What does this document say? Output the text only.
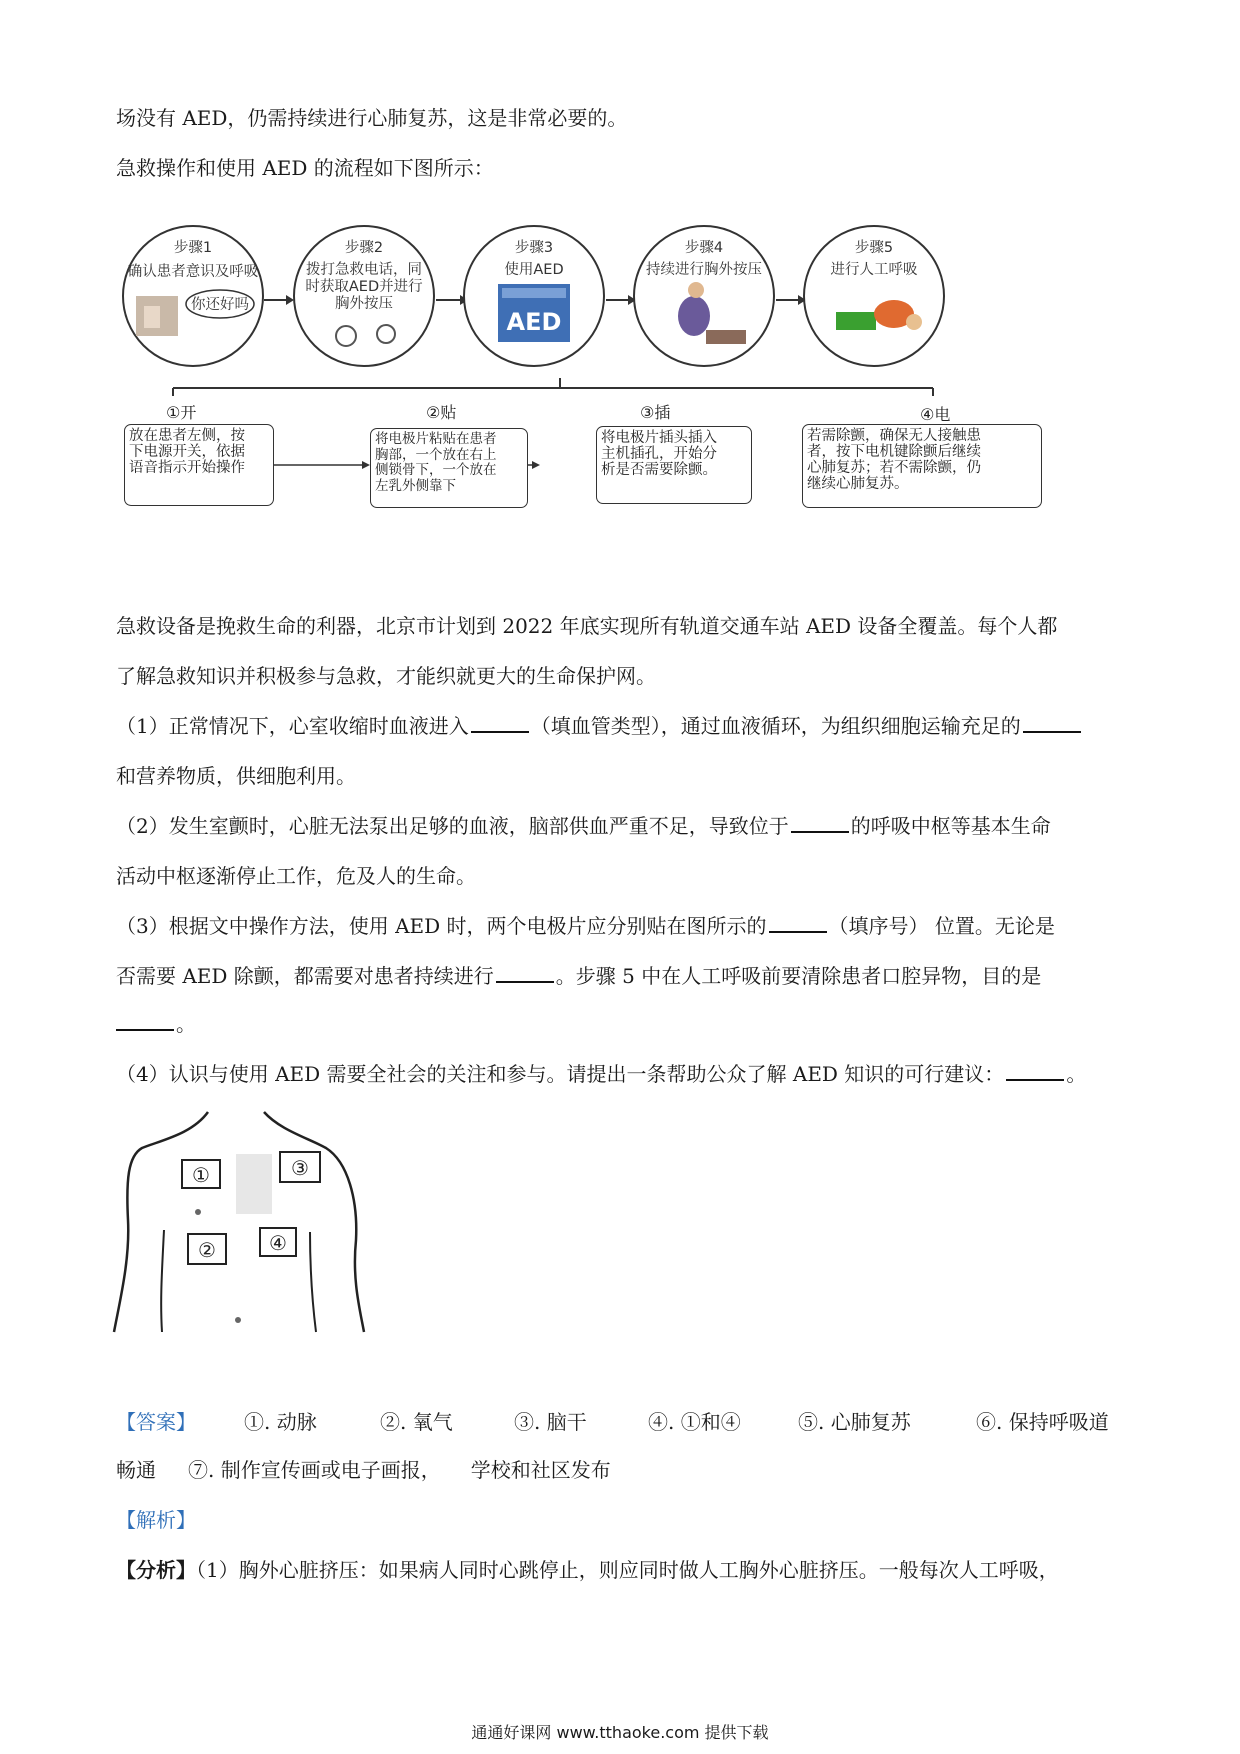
场没有 AED，仍需持续进行心肺复苏，这是非常必要的。
急救操作和使用 AED 的流程如下图所示：
步骤1
确认患者意识及呼吸
你还好吗
步骤2
拨打急救电话，同
时获取AED并进行
胸外按压
步骤3
使用AED
AED
步骤4
持续进行胸外按压
步骤5
进行人工呼吸
①开
放在患者左侧，按
下电源开关，依据
语音指示开始操作
②贴
将电极片粘贴在患者
胸部，一个放在右上
侧锁骨下，一个放在
左乳外侧靠下
③插
将电极片插头插入
主机插孔，开始分
析是否需要除颤。
④电
若需除颤，确保无人接触患
者，按下电机键除颤后继续
心肺复苏；若不需除颤，仍
继续心肺复苏。
急救设备是挽救生命的利器，北京市计划到 2022 年底实现所有轨道交通车站 AED 设备全覆盖。每个人都
了解急救知识并积极参与急救，才能织就更大的生命保护网。
（1）正常情况下，心室收缩时血液进入	（填血管类型），通过血液循环，为组织细胞运输充足的
和营养物质，供细胞利用。
（2）发生室颤时，心脏无法泵出足够的血液，脑部供血严重不足，导致位于	的呼吸中枢等基本生命
活动中枢逐渐停止工作，危及人的生命。
（3）根据文中操作方法，使用 AED 时，两个电极片应分别贴在图所示的	（填序号） 位置。无论是
否需要 AED 除颤，都需要对患者持续进行	。步骤 5 中在人工呼吸前要清除患者口腔异物，目的是
。
（4）认识与使用 AED 需要全社会的关注和参与。请提出一条帮助公众了解 AED 知识的可行建议：	。
①	③
②	④
【答案】 ①. 动脉	②. 氧气	③. 脑干	④. ①和④	⑤. 心肺复苏	⑥. 保持呼吸道
畅通 ⑦. 制作宣传画或电子画报， 学校和社区发布
【解析】
【分析】（1）胸外心脏挤压：如果病人同时心跳停止，则应同时做人工胸外心脏挤压。一般每次人工呼吸，
通通好课网 www.tthaoke.com 提供下载
